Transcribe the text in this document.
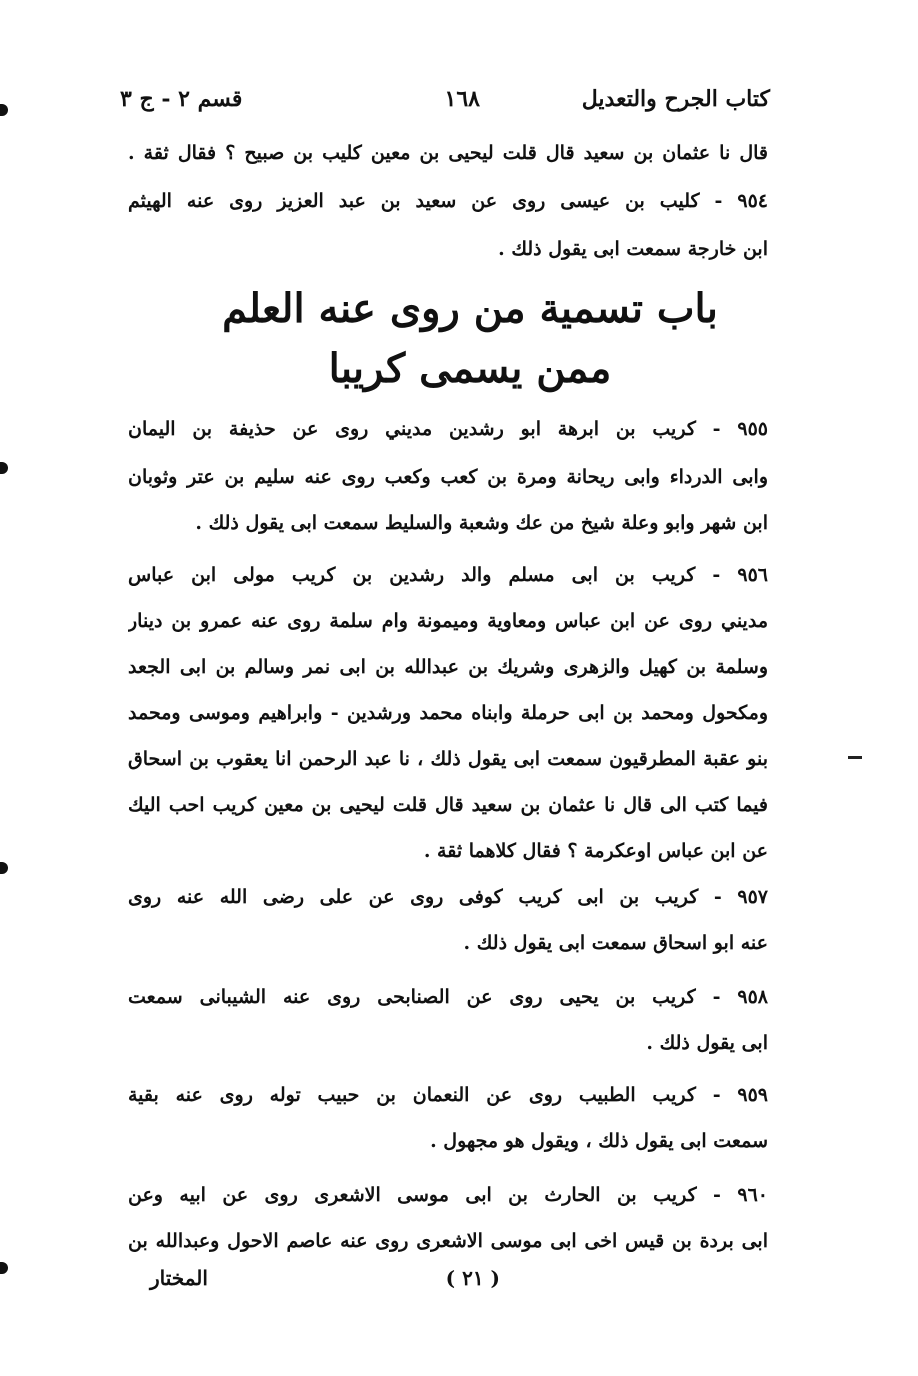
كتاب الجرح والتعديل
١٦٨
قسم ٢ - ج ٣
قال نا عثمان بن سعيد قال قلت ليحيى بن معين كليب بن صبيح ؟ فقال ثقة .
٩٥٤ - كليب بن عيسى روى عن سعيد بن عبد العزيز روى عنه الهيثم
ابن خارجة سمعت ابى يقول ذلك .
باب تسمية من روى عنه العلم
ممن يسمى كريبا
٩٥٥ - كريب بن ابرهة ابو رشدين مديني روى عن حذيفة بن اليمان
وابى الدرداء وابى ريحانة ومرة بن كعب وكعب روى عنه سليم بن عتر وثوبان
ابن شهر وابو وعلة شيخ من عك وشعبة والسليط سمعت ابى يقول ذلك .
٩٥٦ - كريب بن ابى مسلم والد رشدين بن كريب مولى ابن عباس
مديني روى عن ابن عباس ومعاوية وميمونة وام سلمة روى عنه عمرو بن دينار
وسلمة بن كهيل والزهرى وشريك بن عبدالله بن ابى نمر وسالم بن ابى الجعد
ومكحول ومحمد بن ابى حرملة وابناه محمد ورشدين - وابراهيم وموسى ومحمد
بنو عقبة المطرقيون سمعت ابى يقول ذلك ، نا عبد الرحمن انا يعقوب بن اسحاق
فيما كتب الى قال نا عثمان بن سعيد قال قلت ليحيى بن معين كريب احب اليك
عن ابن عباس اوعكرمة ؟ فقال كلاهما ثقة .
٩٥٧ - كريب بن ابى كريب كوفى روى عن على رضى الله عنه روى
عنه ابو اسحاق سمعت ابى يقول ذلك .
٩٥٨ - كريب بن يحيى روى عن الصنابحى روى عنه الشيبانى سمعت
ابى يقول ذلك .
٩٥٩ - كريب الطبيب روى عن النعمان بن حبيب توله روى عنه بقية
سمعت ابى يقول ذلك ، ويقول هو مجهول .
٩٦٠ - كريب بن الحارث بن ابى موسى الاشعرى روى عن ابيه وعن
ابى بردة بن قيس اخى ابى موسى الاشعرى روى عنه عاصم الاحول وعبدالله بن
( ٢١ )
المختار
